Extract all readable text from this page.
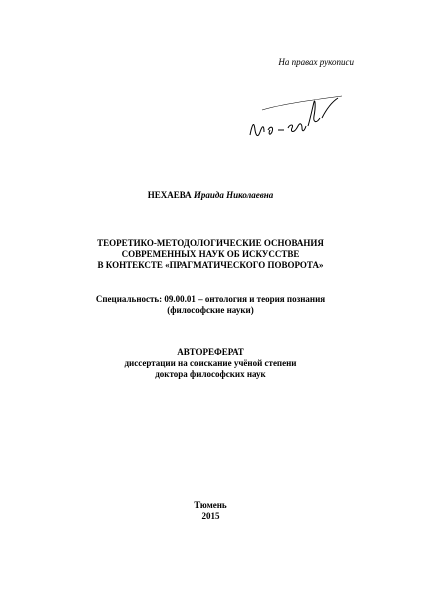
На правах рукописи
НЕХАЕВА Ираида Николаевна
ТЕОРЕТИКО-МЕТОДОЛОГИЧЕСКИЕ ОСНОВАНИЯ
СОВРЕМЕННЫХ НАУК ОБ ИСКУССТВЕ
В КОНТЕКСТЕ «ПРАГМАТИЧЕСКОГО ПОВОРОТА»
Специальность: 09.00.01 – онтология и теория познания
(философские науки)
АВТОРЕФЕРАТ
диссертации на соискание учёной степени
доктора философских наук
Тюмень
2015
